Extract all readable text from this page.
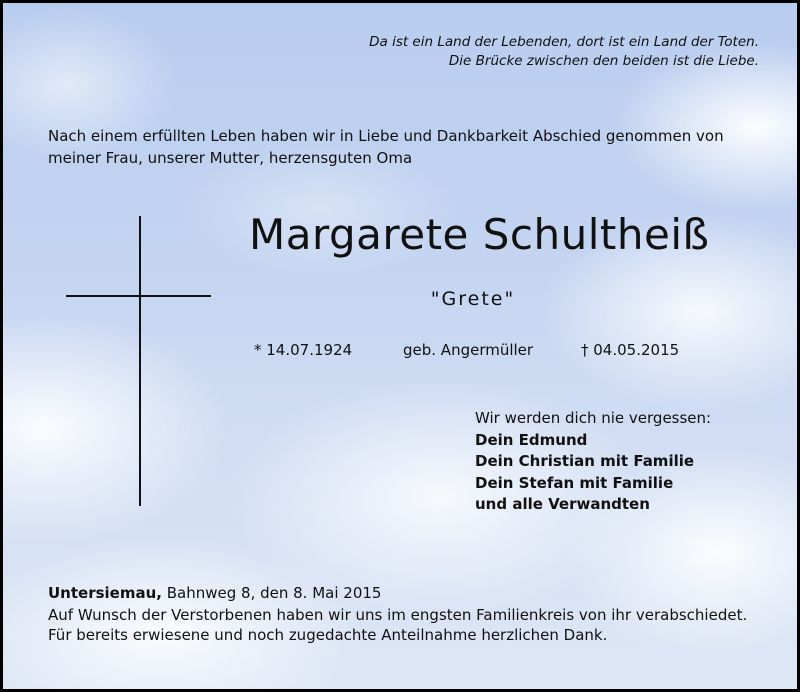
Da ist ein Land der Lebenden, dort ist ein Land der Toten.
Die Brücke zwischen den beiden ist die Liebe.
Nach einem erfüllten Leben haben wir in Liebe und Dankbarkeit Abschied genommen von meiner Frau, unserer Mutter, herzensguten Oma
Margarete Schultheiß
"Grete"
* 14.07.1924	geb. Angermüller	† 04.05.2015
Wir werden dich nie vergessen:
Dein Edmund
Dein Christian mit Familie
Dein Stefan mit Familie
und alle Verwandten
Untersiemau, Bahnweg 8, den 8. Mai 2015
Auf Wunsch der Verstorbenen haben wir uns im engsten Familienkreis von ihr verabschiedet.
Für bereits erwiesene und noch zugedachte Anteilnahme herzlichen Dank.
